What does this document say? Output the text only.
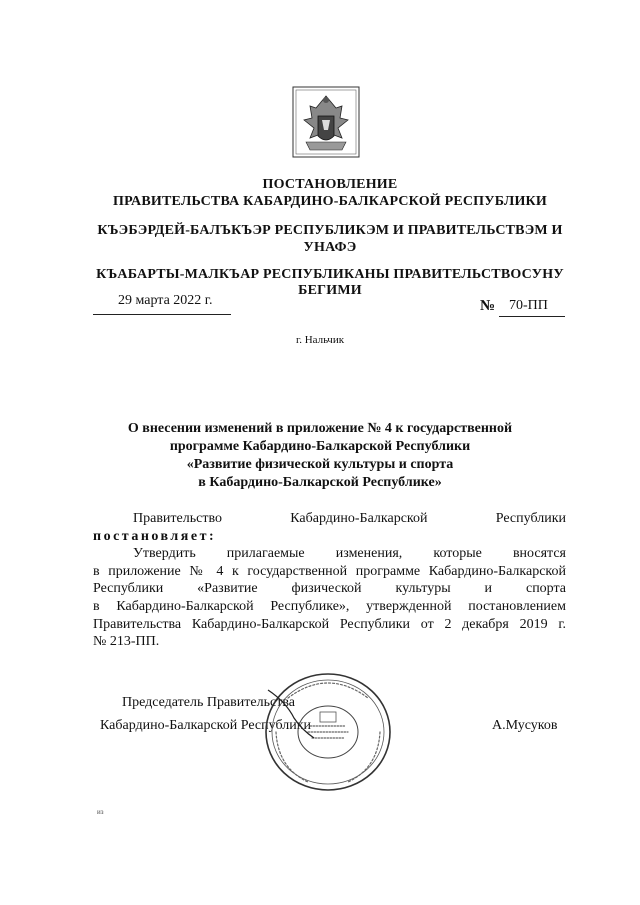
ПОСТАНОВЛЕНИЕ
ПРАВИТЕЛЬСТВА КАБАРДИНО-БАЛКАРСКОЙ РЕСПУБЛИКИ
КЪЭБЭРДЕЙ-БАЛЪКЪЭР РЕСПУБЛИКЭМ И ПРАВИТЕЛЬСТВЭМ И
УНАФЭ
КЪАБАРТЫ-МАЛКЪАР РЕСПУБЛИКАНЫ ПРАВИТЕЛЬСТВОСУНУ
БЕГИМИ
29 марта 2022 г.	№ 70-ПП
г. Нальчик
О внесении изменений в приложение № 4 к государственной
программе Кабардино-Балкарской Республики
«Развитие физической культуры и спорта
в Кабардино-Балкарской Республике»
Правительство Кабардино-Балкарской Республики
постановляет:
Утвердить прилагаемые изменения, которые вносятся
в приложение № 4 к государственной программе Кабардино-Балкарской
Республики «Развитие физической культуры и спорта
в Кабардино-Балкарской Республике», утвержденной постановлением
Правительства Кабардино-Балкарской Республики от 2 декабря 2019 г.
№ 213-ПП.
Председатель Правительства
Кабардино-Балкарской Республики	А.Мусуков
из
